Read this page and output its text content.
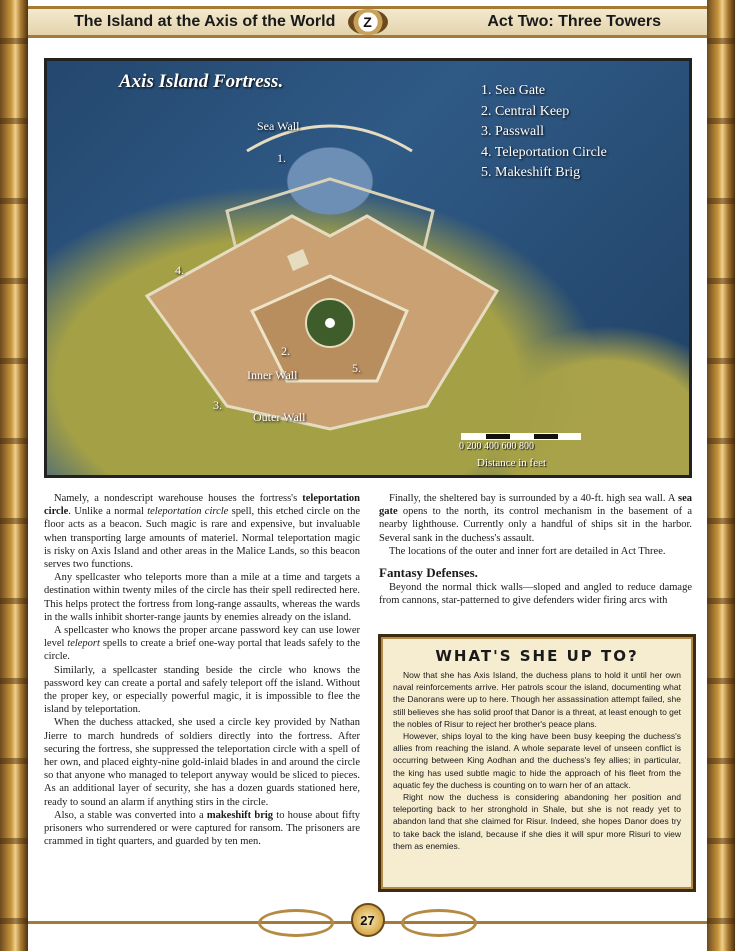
The Island at the Axis of the World	Z	Act Two: Three Towers
Axis Island Fortress.	1. Sea Gate
2. Central Keep
3. Passwall
4. Teleportation Circle
5. Makeshift Brig
Sea Wall
1.
2.
3.
4.
5.
Inner Wall
Outer Wall
0 200 400 600 800
Distance in feet

Namely, a nondescript warehouse houses the fortress's teleportation circle. Unlike a normal teleportation circle spell, this etched circle on the floor acts as a beacon. Such magic is rare and expensive, but invaluable when transporting large amounts of materiel. Normal teleportation magic is risky on Axis Island and other areas in the Malice Lands, so this beacon serves two functions.

Any spellcaster who teleports more than a mile at a time and targets a destination within twenty miles of the circle has their spell redirected here. This helps protect the fortress from long-range assaults, whereas the wards in the walls inhibit shorter-range jaunts by enemies already on the island.

A spellcaster who knows the proper arcane password key can use lower level teleport spells to create a brief one-way portal that leads safely to the circle.

Similarly, a spellcaster standing beside the circle who knows the password key can create a portal and safely teleport off the island. Without the proper key, or especially powerful magic, it is impossible to flee the island by teleportation.

When the duchess attacked, she used a circle key provided by Nathan Jierre to march hundreds of soldiers directly into the fortress. After securing the fortress, she suppressed the teleportation circle with a spell of her own, and placed eighty-nine gold-inlaid blades in and around the circle so that anyone who managed to teleport anyway would be sliced to pieces. As an additional layer of security, she has a dozen guards stationed here, ready to sound an alarm if anything stirs in the circle.

Also, a stable was converted into a makeshift brig to house about fifty prisoners who surrendered or were captured for ransom. The prisoners are crammed in tight quarters, and guarded by ten men.

Finally, the sheltered bay is surrounded by a 40-ft. high sea wall. A sea gate opens to the north, its control mechanism in the basement of a nearby lighthouse. Currently only a handful of ships sit in the harbor. Several sank in the duchess's assault.

The locations of the outer and inner fort are detailed in Act Three.

Fantasy Defenses.

Beyond the normal thick walls—sloped and angled to reduce damage from cannons, star-patterned to give defenders wider firing arcs with

WHAT'S SHE UP TO?

Now that she has Axis Island, the duchess plans to hold it until her own naval reinforcements arrive. Her patrols scour the island, documenting what the Danorans were up to here. Though her assassination attempt failed, she still believes she has solid proof that Danor is a threat, at least enough to get the nobles of Risur to reject her brother's peace plans.

However, ships loyal to the king have been busy keeping the duchess's allies from reaching the island. A whole separate level of unseen conflict is occurring between King Aodhan and the duchess's fey allies; in particular, the king has used subtle magic to hide the approach of his fleet from the aquatic fey the duchess is counting on to warn her of an attack.

Right now the duchess is considering abandoning her position and teleporting back to her stronghold in Shale, but she is not ready yet to abandon land that she claimed for Risur. Indeed, she hopes Danor does try to take back the island, because if she dies it will spur more Risuri to view them as enemies.

27
